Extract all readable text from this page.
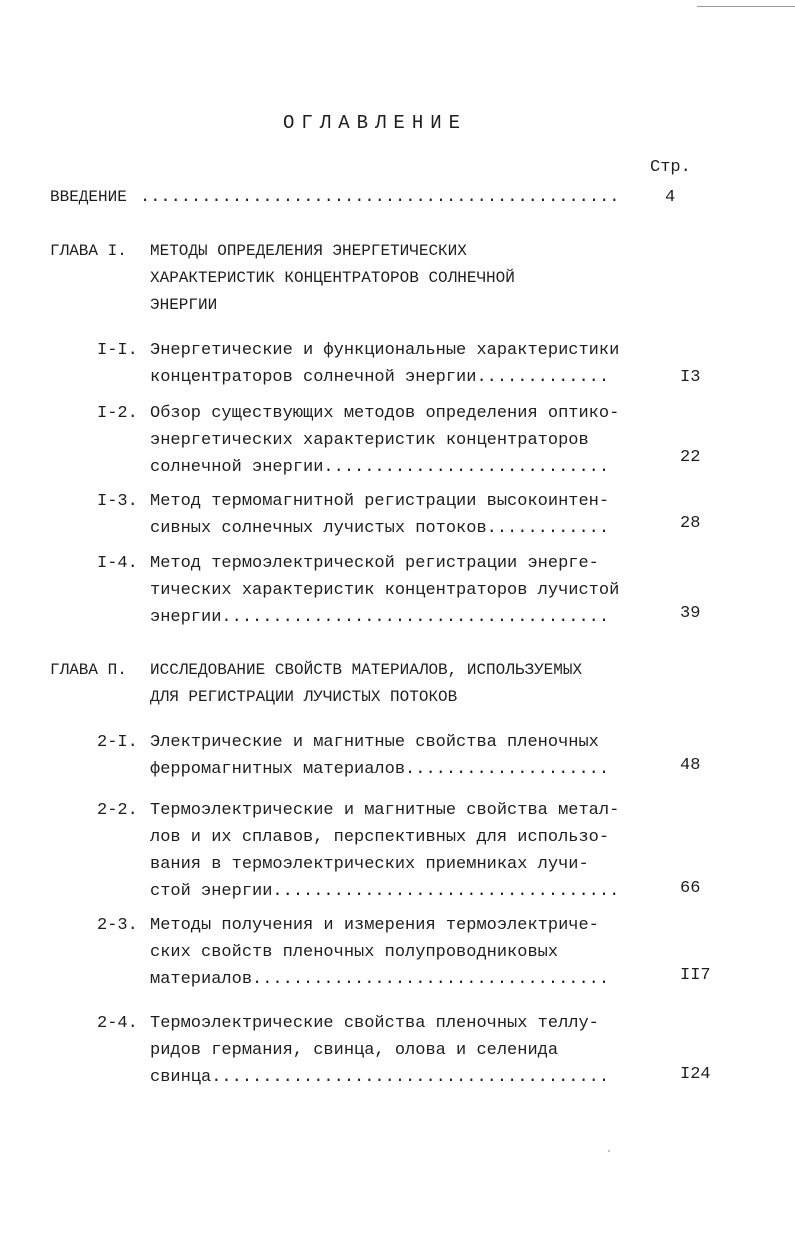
ОГЛАВЛЕНИЕ
Стр.
ВВЕДЕНИЕ ...............................................	4
ГЛАВА I. МЕТОДЫ ОПРЕДЕЛЕНИЯ ЭНЕРГЕТИЧЕСКИХ
ХАРАКТЕРИСТИК КОНЦЕНТРАТОРОВ СОЛНЕЧНОЙ
ЭНЕРГИИ
I-I. Энергетические и функциональные характеристики
концентраторов солнечной энергии.............	I3
I-2. Обзор существующих методов определения оптико-
энергетических характеристик концентраторов
солнечной энергии............................
22
I-3. Метод термомагнитной регистрации высокоинтен-
сивных солнечных лучистых потоков............	28
I-4. Метод термоэлектрической регистрации энерге-
тических характеристик концентраторов лучистой
энергии......................................	39
ГЛАВА П. ИССЛЕДОВАНИЕ СВОЙСТВ МАТЕРИАЛОВ, ИСПОЛЬЗУЕМЫХ
ДЛЯ РЕГИСТРАЦИИ ЛУЧИСТЫХ ПОТОКОВ
2-I. Электрические и магнитные свойства пленочных
ферромагнитных материалов....................	48
2-2. Термоэлектрические и магнитные свойства метал-
лов и их сплавов, перспективных для использо-
вания в термоэлектрических приемниках лучи-
стой энергии..................................	66
2-3. Методы получения и измерения термоэлектриче-
ских свойств пленочных полупроводниковых
материалов...................................	II7
2-4. Термоэлектрические свойства пленочных теллу-
ридов германия, свинца, олова и селенида
свинца.......................................	I24
